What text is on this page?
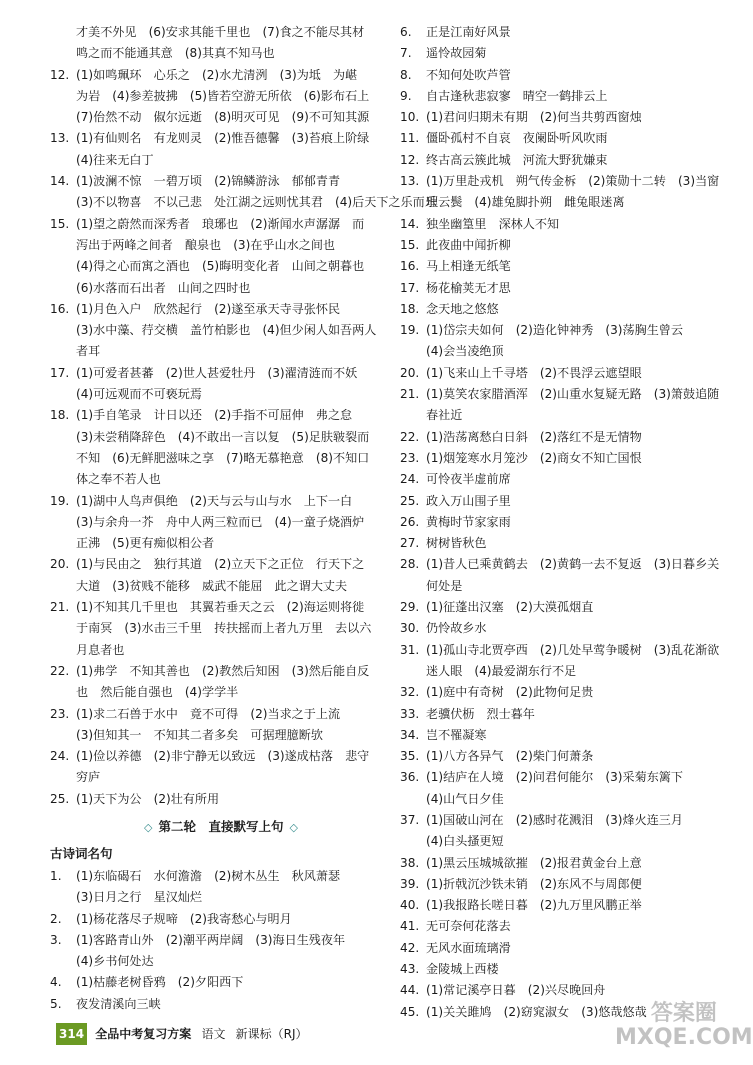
才美不外见　(6)安求其能千里也　(7)食之不能尽其材
鸣之而不能通其意　(8)其真不知马也
12. (1)如鸣珮环　心乐之　(2)水尤清洌　(3)为坻　为嵁
为岩　(4)参差披拂　(5)皆若空游无所依　(6)影布石上
(7)佁然不动　俶尔远逝　(8)明灭可见　(9)不可知其源
13. (1)有仙则名　有龙则灵　(2)惟吾德馨　(3)苔痕上阶绿
(4)往来无白丁
14. (1)波澜不惊　一碧万顷　(2)锦鳞游泳　郁郁青青
(3)不以物喜　不以己悲　处江湖之远则忧其君　(4)后天下之乐而乐
15. (1)望之蔚然而深秀者　琅琊也　(2)渐闻水声潺潺　而
泻出于两峰之间者　酿泉也　(3)在乎山水之间也
(4)得之心而寓之酒也　(5)晦明变化者　山间之朝暮也
(6)水落而石出者　山间之四时也
16. (1)月色入户　欣然起行　(2)遂至承天寺寻张怀民
(3)水中藻、荇交横　盖竹柏影也　(4)但少闲人如吾两人
者耳
17. (1)可爱者甚蕃　(2)世人甚爱牡丹　(3)濯清涟而不妖
(4)可远观而不可亵玩焉
18. (1)手自笔录　计日以还　(2)手指不可屈伸　弗之怠
(3)未尝稍降辞色　(4)不敢出一言以复　(5)足肤皲裂而
不知　(6)无鲜肥滋味之享　(7)略无慕艳意　(8)不知口
体之奉不若人也
19. (1)湖中人鸟声俱绝　(2)天与云与山与水　上下一白
(3)与余舟一芥　舟中人两三粒而已　(4)一童子烧酒炉
正沸　(5)更有痴似相公者
20. (1)与民由之　独行其道　(2)立天下之正位　行天下之
大道　(3)贫贱不能移　威武不能屈　此之谓大丈夫
21. (1)不知其几千里也　其翼若垂天之云　(2)海运则将徙
于南冥　(3)水击三千里　抟扶摇而上者九万里　去以六
月息者也
22. (1)弗学　不知其善也　(2)教然后知困　(3)然后能自反
也　然后能自强也　(4)学学半
23. (1)求二石兽于水中　竟不可得　(2)当求之于上流
(3)但知其一　不知其二者多矣　可据理臆断欤
24. (1)俭以养德　(2)非宁静无以致远　(3)遂成枯落　悲守
穷庐
25. (1)天下为公　(2)壮有所用
◇ 第二轮　直接默写上句 ◇
古诗词名句
1. (1)东临碣石　水何澹澹　(2)树木丛生　秋风萧瑟
(3)日月之行　星汉灿烂
2. (1)杨花落尽子规啼　(2)我寄愁心与明月
3. (1)客路青山外　(2)潮平两岸阔　(3)海日生残夜年
(4)乡书何处达
4. (1)枯藤老树昏鸦　(2)夕阳西下
5. 夜发清溪向三峡
6. 正是江南好风景
7. 遥怜故园菊
8. 不知何处吹芦管
9. 自古逢秋悲寂寥　晴空一鹤排云上
10. (1)君问归期未有期　(2)何当共剪西窗烛
11. 僵卧孤村不自哀　夜阑卧听风吹雨
12. 终古高云簇此城　河流大野犹嫌束
13. (1)万里赴戎机　朔气传金柝　(2)策勋十二转　(3)当窗
理云鬓　(4)雄兔脚扑朔　雌兔眼迷离
14. 独坐幽篁里　深林人不知
15. 此夜曲中闻折柳
16. 马上相逢无纸笔
17. 杨花榆荚无才思
18. 念天地之悠悠
19. (1)岱宗夫如何　(2)造化钟神秀　(3)荡胸生曾云
(4)会当凌绝顶
20. (1)飞来山上千寻塔　(2)不畏浮云遮望眼
21. (1)莫笑农家腊酒浑　(2)山重水复疑无路　(3)箫鼓追随
春社近
22. (1)浩荡离愁白日斜　(2)落红不是无情物
23. (1)烟笼寒水月笼沙　(2)商女不知亡国恨
24. 可怜夜半虚前席
25. 政入万山围子里
26. 黄梅时节家家雨
27. 树树皆秋色
28. (1)昔人已乘黄鹤去　(2)黄鹤一去不复返　(3)日暮乡关
何处是
29. (1)征蓬出汉塞　(2)大漠孤烟直
30. 仍怜故乡水
31. (1)孤山寺北贾亭西　(2)几处早莺争暖树　(3)乱花渐欲
迷人眼　(4)最爱湖东行不足
32. (1)庭中有奇树　(2)此物何足贵
33. 老骥伏枥　烈士暮年
34. 岂不罹凝寒
35. (1)八方各异气　(2)柴门何萧条
36. (1)结庐在人境　(2)问君何能尔　(3)采菊东篱下
(4)山气日夕佳
37. (1)国破山河在　(2)感时花溅泪　(3)烽火连三月
(4)白头搔更短
38. (1)黑云压城城欲摧　(2)报君黄金台上意
39. (1)折戟沉沙铁未销　(2)东风不与周郎便
40. (1)我报路长嗟日暮　(2)九万里风鹏正举
41. 无可奈何花落去
42. 无风水面琉璃滑
43. 金陵城上西楼
44. (1)常记溪亭日暮　(2)兴尽晚回舟
45. (1)关关雎鸠　(2)窈窕淑女　(3)悠哉悠哉
314 全品中考复习方案 语文 新课标（RJ）
答案圈
MXQE.COM
